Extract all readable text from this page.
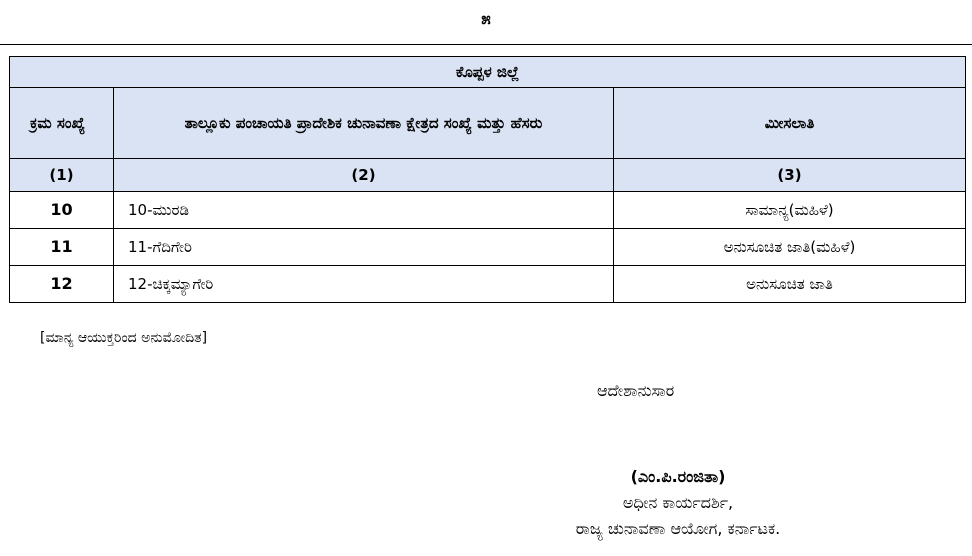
೫
ಕೊಪ್ಪಳ ಜಿಲ್ಲೆ		
ಕ್ರಮ ಸಂಖ್ಯೆ	ತಾಲ್ಲೂಕು ಪಂಚಾಯತಿ ಪ್ರಾದೇಶಿಕ ಚುನಾವಣಾ ಕ್ಷೇತ್ರದ ಸಂಖ್ಯೆ ಮತ್ತು ಹೆಸರು	ಮೀಸಲಾತಿ
(1)	(2)	(3)
10	10-ಮುರಡಿ	ಸಾಮಾನ್ಯ(ಮಹಿಳೆ)
11	11-ಗೆದಿಗೇರಿ	ಅನುಸೂಚಿತ ಜಾತಿ(ಮಹಿಳೆ)
12	12-ಚಿಕ್ಕಮ್ಯಾಗೇರಿ	ಅನುಸೂಚಿತ ಜಾತಿ
[ಮಾನ್ಯ ಆಯುಕ್ತರಿಂದ ಅನುಮೋದಿತ]
ಆದೇಶಾನುಸಾರ
(ಎಂ.ಪಿ.ರಂಜಿತಾ)
ಅಧೀನ ಕಾರ್ಯದರ್ಶಿ,
ರಾಜ್ಯ ಚುನಾವಣಾ ಆಯೋಗ, ಕರ್ನಾಟಕ.
